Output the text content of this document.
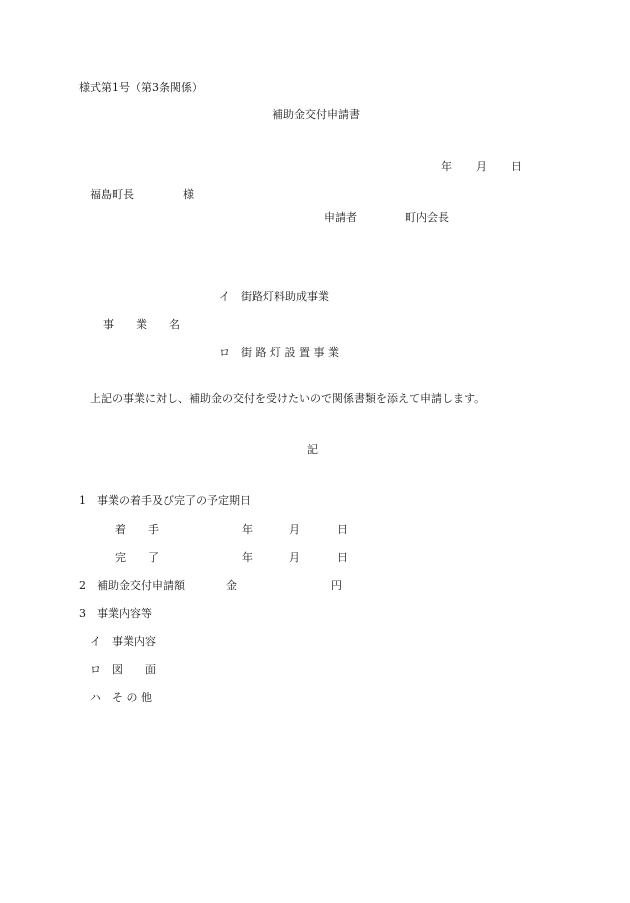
様式第1号（第3条関係）
補助金交付申請書
年 月 日
福島町長	様
申請者	町内会長
イ　街路灯料助成事業
事　　業　　名
ロ　街 路 灯 設 置 事 業
上記の事業に対し、補助金の交付を受けたいので関係書類を添えて申請します。
記
1　事業の着手及び完了の予定期日
着　　手	年	月	日
完　　了	年	月	日
2　補助金交付申請額	金	円
3　事業内容等
イ　事業内容
ロ　図　　面
ハ　そ の 他
